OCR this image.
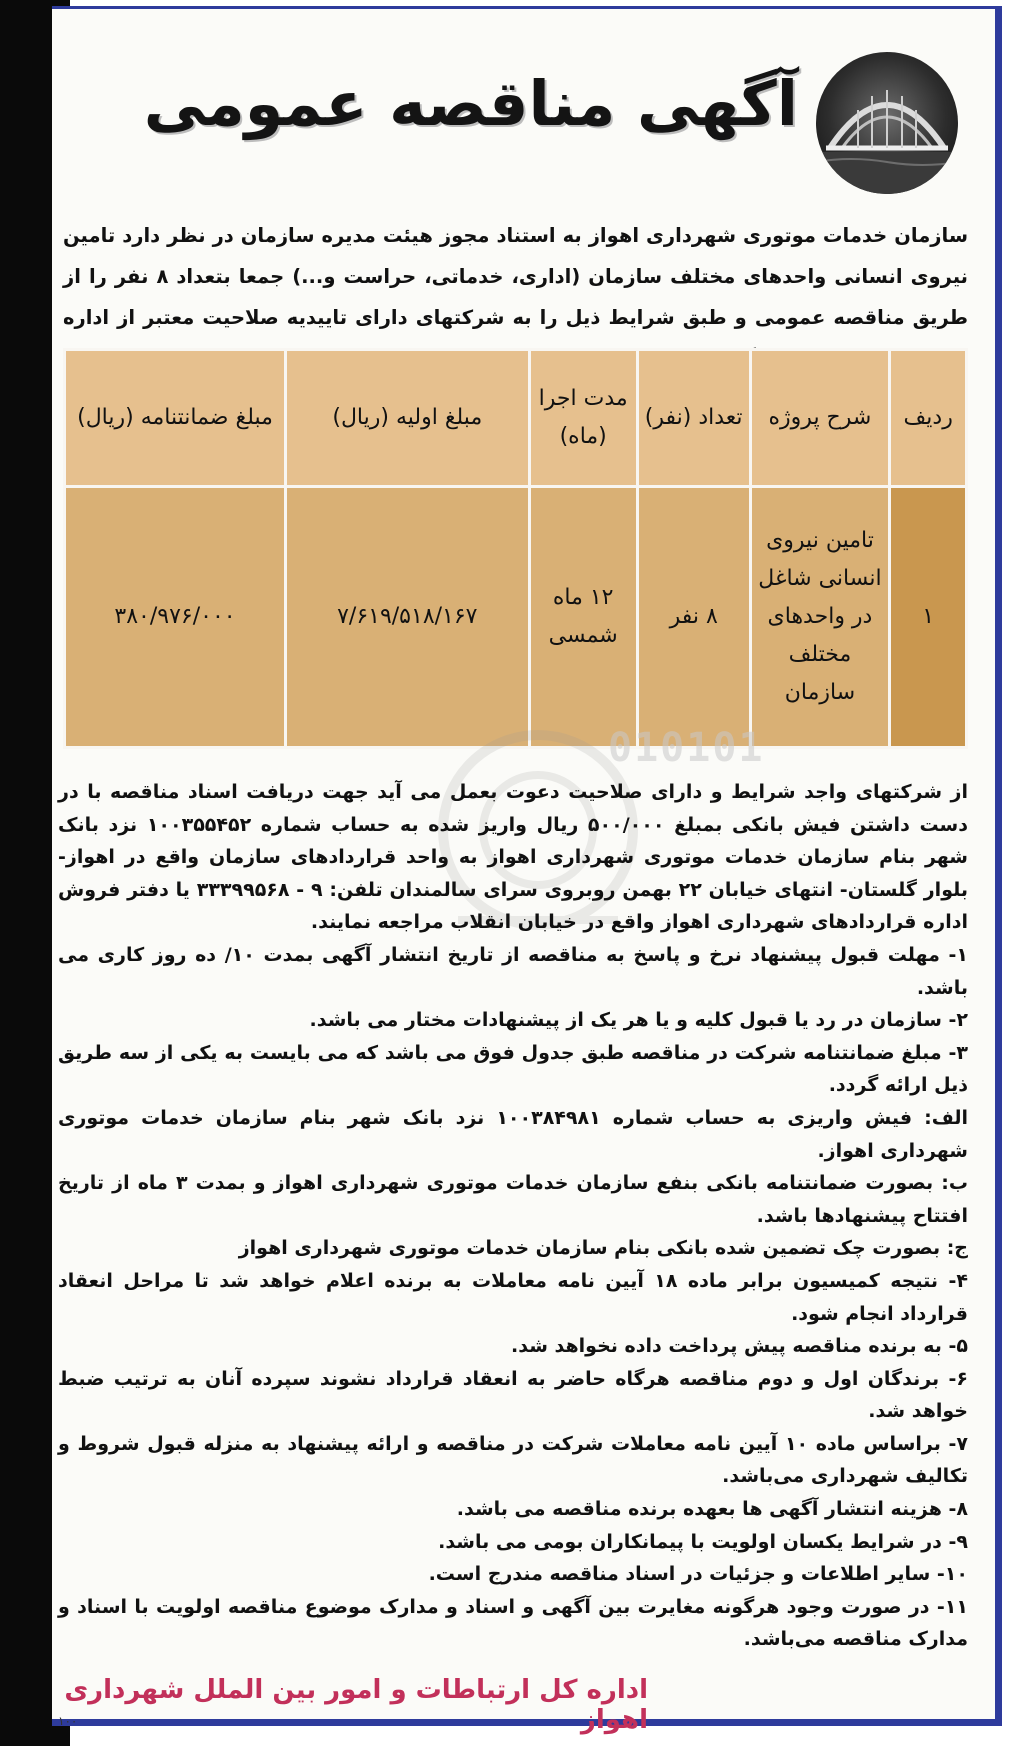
آگهی مناقصه عمومی
سازمان خدمات موتوری شهرداری اهواز به استناد مجوز هیئت مدیره سازمان در نظر دارد تامین نیروی انسانی واحدهای مختلف سازمان (اداری، خدماتی، حراست و...) جمعا بتعداد ۸ نفر را از طریق مناقصه عمومی و طبق شرایط ذیل را به شرکتهای دارای تاییدیه صلاحیت معتبر از اداره
ردیف	شرح پروژه	تعداد (نفر)	مدت اجرا (ماه)	مبلغ اولیه (ریال)	مبلغ ضمانتنامه (ریال)
۱	تامین نیروی انسانی شاغل در واحدهای مختلف سازمان	۸ نفر	۱۲ ماه شمسی	۷/۶۱۹/۵۱۸/۱۶۷	۳۸۰/۹۷۶/۰۰۰
010101

از شرکتهای واجد شرایط و دارای صلاحیت دعوت بعمل می آید جهت دریافت اسناد مناقصه با در دست داشتن فیش بانکی بمبلغ ۵۰۰/۰۰۰ ریال واریز شده به حساب شماره ۱۰۰۳۵۵۴۵۲ نزد بانک شهر بنام سازمان خدمات موتوری شهرداری اهواز به واحد قراردادهای سازمان واقع در اهواز- بلوار گلستان- انتهای خیابان ۲۲ بهمن روبروی سرای سالمندان تلفن: ۹ - ۳۳۳۹۹۵۶۸ یا دفتر فروش اداره قراردادهای شهرداری اهواز واقع در خیابان انقلاب مراجعه نمایند.

۱- مهلت قبول پیشنهاد نرخ و پاسخ به مناقصه از تاریخ انتشار آگهی بمدت ۱۰/ ده روز کاری می باشد.

۲- سازمان در رد یا قبول کلیه و یا هر یک از پیشنهادات مختار می باشد.

۳- مبلغ ضمانتنامه شرکت در مناقصه طبق جدول فوق می باشد که می بایست به یکی از سه طریق ذیل ارائه گردد.

الف: فیش واریزی به حساب شماره ۱۰۰۳۸۴۹۸۱ نزد بانک شهر بنام سازمان خدمات موتوری شهرداری اهواز.

ب: بصورت ضمانتنامه بانکی بنفع سازمان خدمات موتوری شهرداری اهواز و بمدت ۳ ماه از تاریخ افتتاح پیشنهادها باشد.

ج: بصورت چک تضمین شده بانکی بنام سازمان خدمات موتوری شهرداری اهواز

۴- نتیجه کمیسیون برابر ماده ۱۸ آیین نامه معاملات به برنده اعلام خواهد شد تا مراحل انعقاد قرارداد انجام شود.

۵- به برنده مناقصه پیش پرداخت داده نخواهد شد.

۶- برندگان اول و دوم مناقصه هرگاه حاضر به انعقاد قرارداد نشوند سپرده آنان به ترتیب ضبط خواهد شد.

۷- براساس ماده ۱۰ آیین نامه معاملات شرکت در مناقصه و ارائه پیشنهاد به منزله قبول شروط و تکالیف شهرداری می‌باشد.

۸- هزینه انتشار آگهی ها بعهده برنده مناقصه می باشد.

۹- در شرایط یکسان اولویت با پیمانکاران بومی می باشد.

۱۰- سایر اطلاعات و جزئیات در اسناد مناقصه مندرج است.

۱۱- در صورت وجود هرگونه مغایرت بین آگهی و اسناد و مدارک موضوع مناقصه اولویت با اسناد و مدارک مناقصه می‌باشد.

اداره کل ارتباطات و امور بین الملل شهرداری اهواز
۱۰۰
